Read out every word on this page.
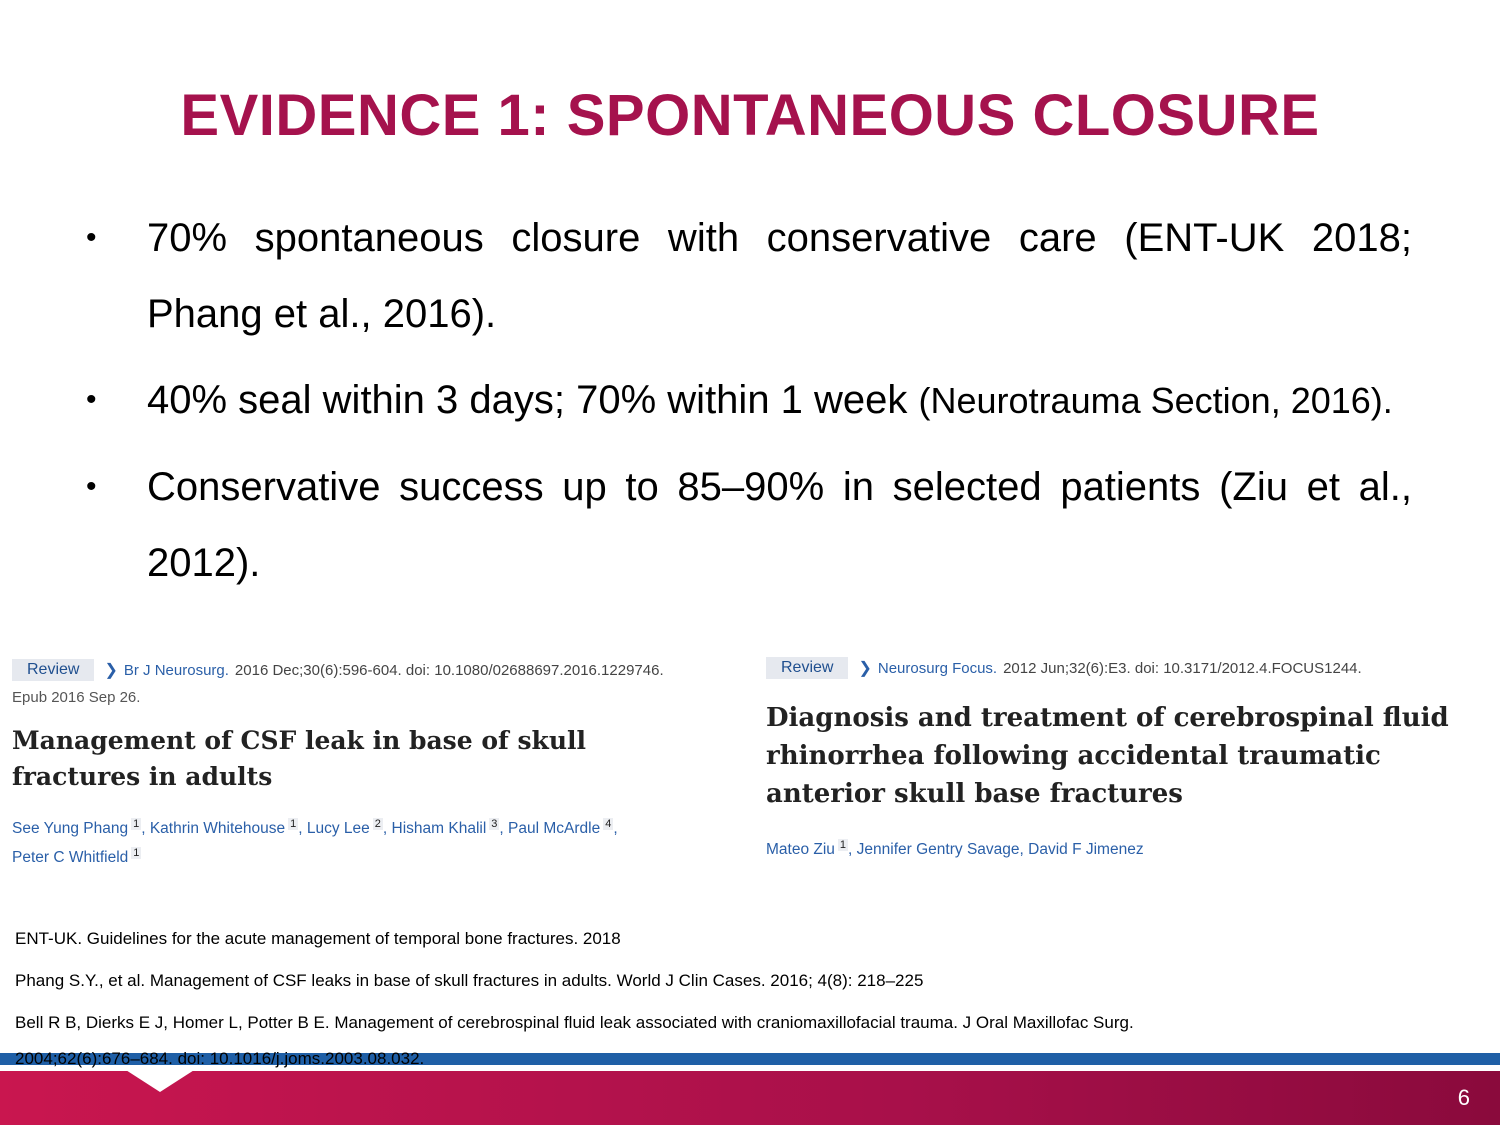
EVIDENCE 1: SPONTANEOUS CLOSURE

• 70% spontaneous closure with conservative care (ENT-UK 2018; Phang et al., 2016).

• 40% seal within 3 days; 70% within 1 week (Neurotrauma Section, 2016).

• Conservative success up to 85–90% in selected patients (Ziu et al., 2012).

Review	❯ Br J Neurosurg. 2016 Dec;30(6):596-604. doi: 10.1080/02688697.2016.1229746.
Epub 2016 Sep 26.
Management of CSF leak in base of skull fractures in adults
See Yung Phang $^1$ , Kathrin Whitehouse $^1$ , Lucy Lee $^2$ , Hisham Khalil $^3$ , Paul McArdle $^4$ ,
Peter C Whitfield $^1$
Review	❯ Neurosurg Focus. 2012 Jun;32(6):E3. doi: 10.3171/2012.4.FOCUS1244.
Diagnosis and treatment of cerebrospinal fluid rhinorrhea following accidental traumatic anterior skull base fractures
Mateo Ziu $^1$ , Jennifer Gentry Savage, David F Jimenez
ENT-UK. Guidelines for the acute management of temporal bone fractures. 2018
Phang S.Y., et al. Management of CSF leaks in base of skull fractures in adults. World J Clin Cases. 2016; 4(8): 218–225
Bell R B, Dierks E J, Homer L, Potter B E. Management of cerebrospinal fluid leak associated with craniomaxillofacial trauma. J Oral Maxillofac Surg.
2004;62(6):676–684. doi: 10.1016/j.joms.2003.08.032.
6
